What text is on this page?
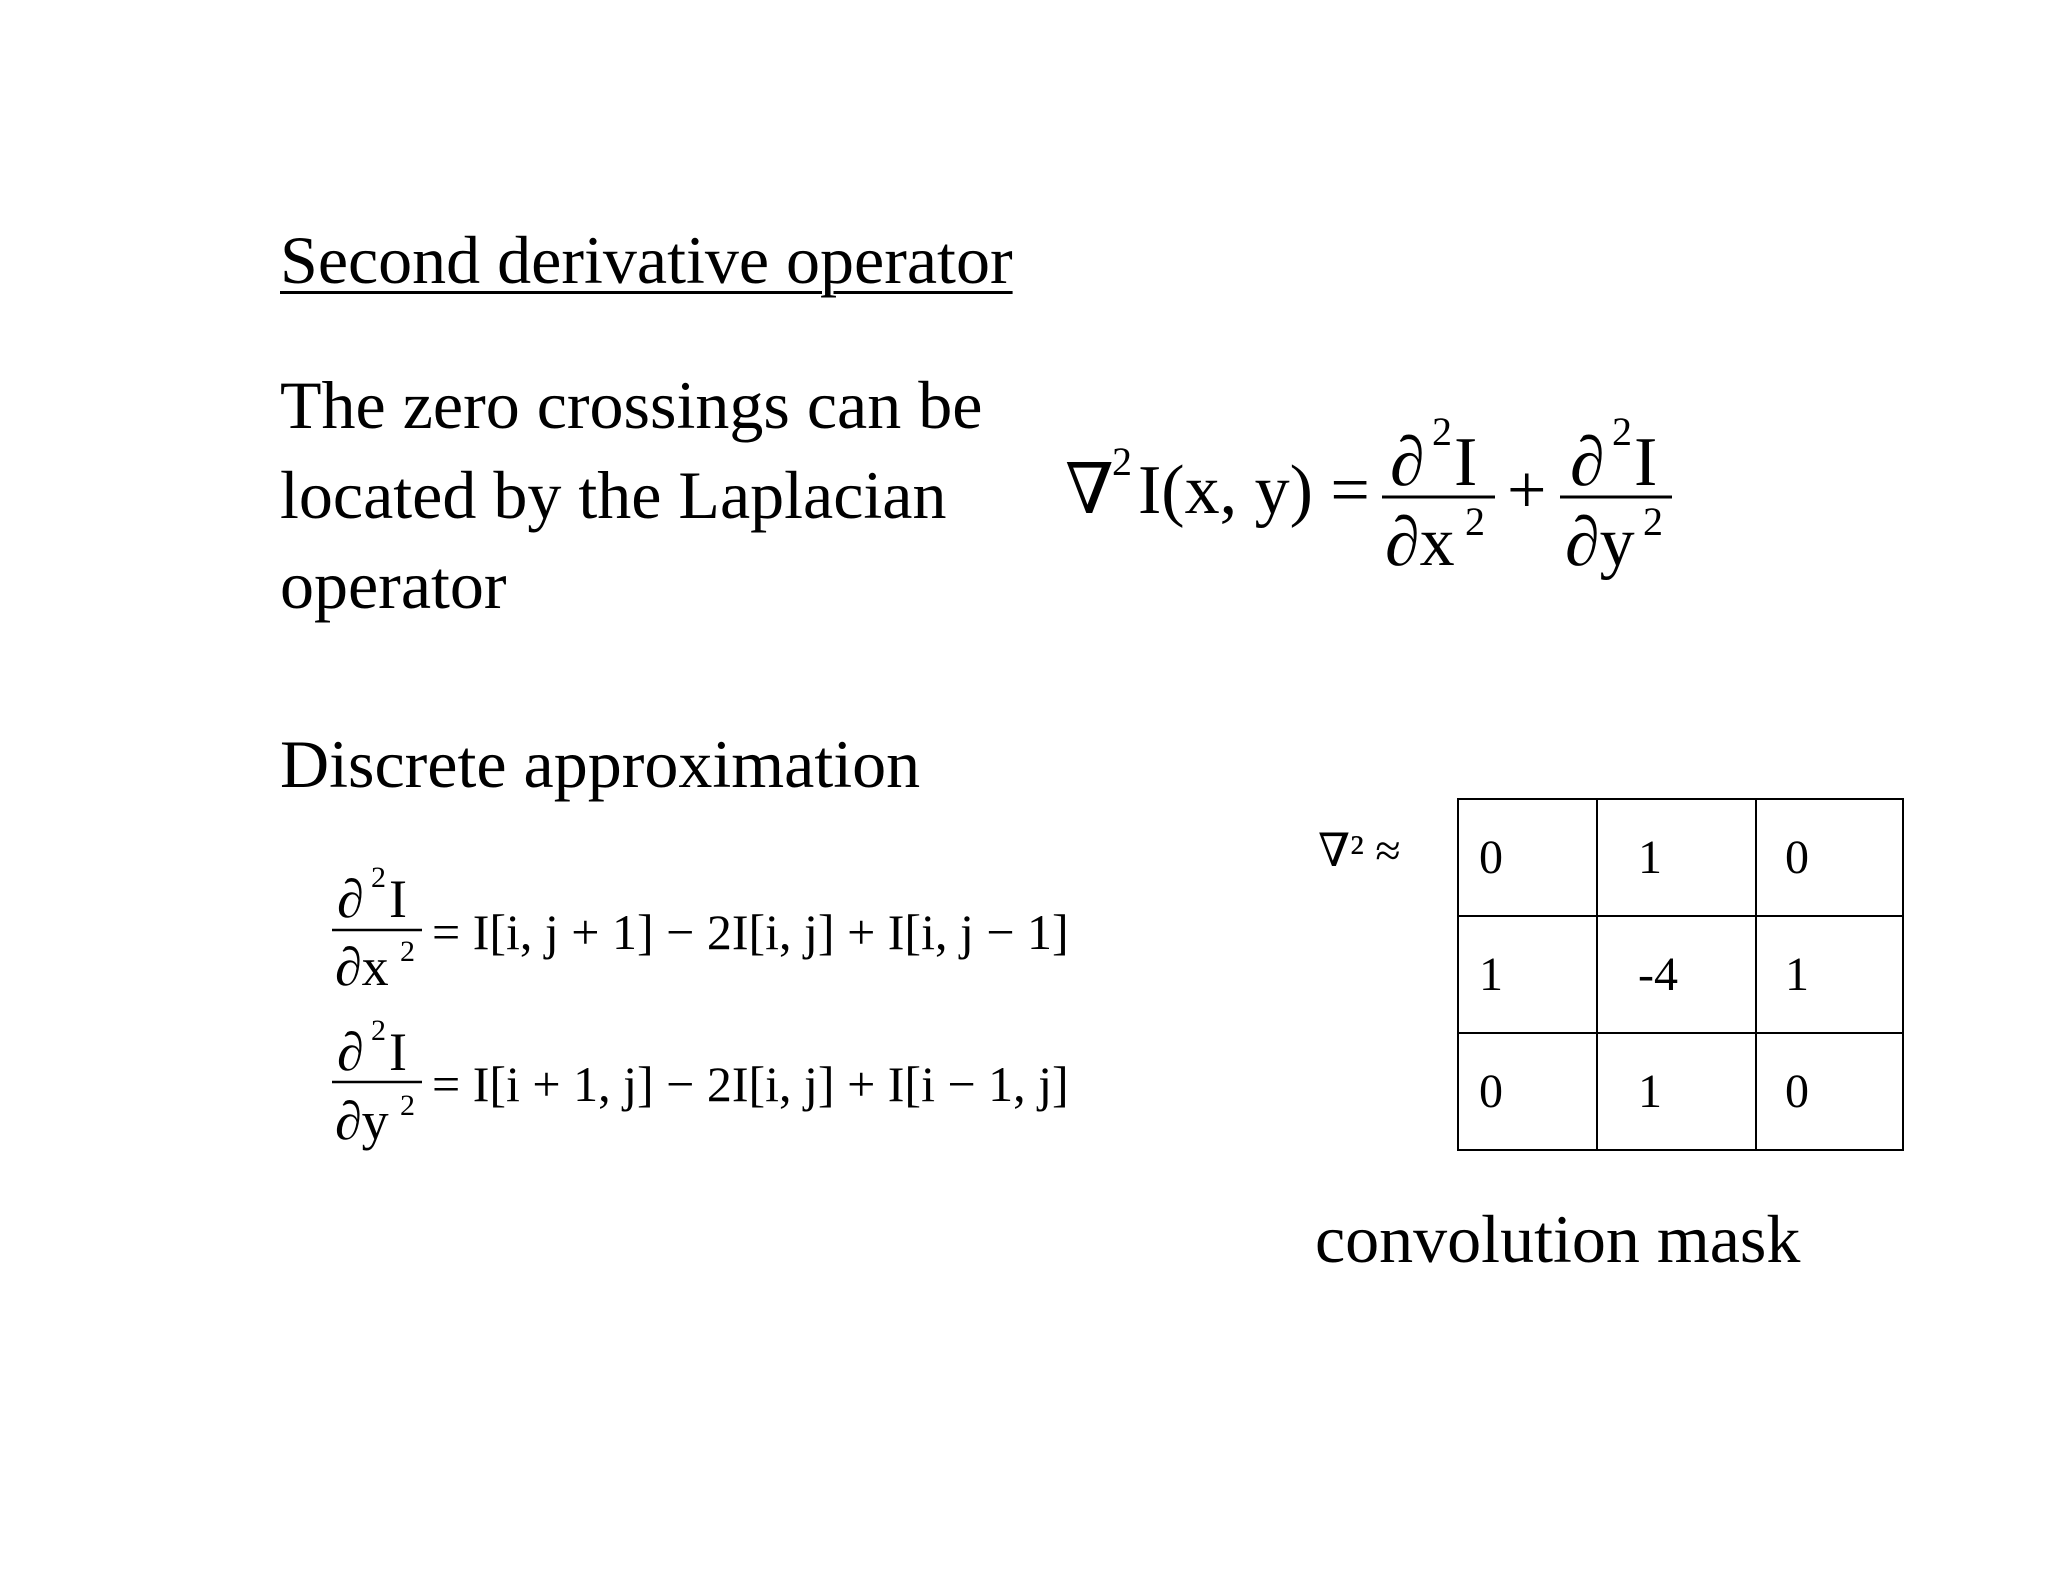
Second derivative operator
The zero crossings can be
located by the Laplacian
operator
∇
2 I(x, y) = ∂ 2 I
∂x 2 + ∂ 2 I
∂y 2
Discrete approximation
∂ 2 I
∂x 2 = I[i, j + 1] − 2I[i, j] + I[i, j − 1]
∂ 2 I
∂y 2 = I[i + 1, j] − 2I[i, j] + I[i − 1, j]
∇² ≈ 0	1	0
1	-4	1
0	1	0
convolution mask
